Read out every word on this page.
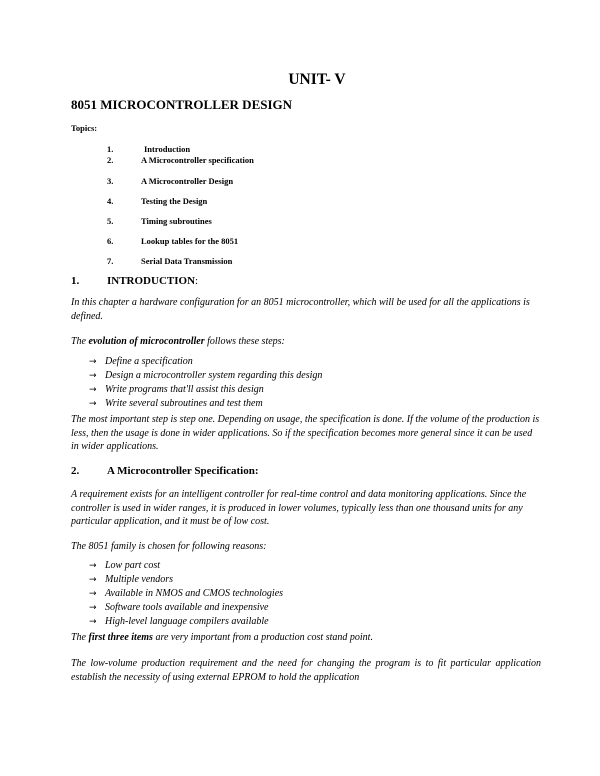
UNIT- V
8051 MICROCONTROLLER DESIGN
Topics:
1.	Introduction
2.	A Microcontroller specification
3.	A Microcontroller Design
4.	Testing the Design
5.	Timing subroutines
6.	Lookup tables for the 8051
7.	Serial Data Transmission
1.	INTRODUCTION:
In this chapter a hardware configuration for an 8051 microcontroller, which will be used for all the applications is defined.
The evolution of microcontroller follows these steps:
→ Define a specification
→ Design a microcontroller system regarding this design
→ Write programs that'll assist this design
→ Write several subroutines and test them
The most important step is step one. Depending on usage, the specification is done. If the volume of the production is less, then the usage is done in wider applications. So if the specification becomes more general since it can be used in wider applications.
2.	A Microcontroller Specification:
A requirement exists for an intelligent controller for real-time control and data monitoring applications. Since the controller is used in wider ranges, it is produced in lower volumes, typically less than one thousand units for any particular application, and it must be of low cost.
The 8051 family is chosen for following reasons:
→ Low part cost
→ Multiple vendors
→ Available in NMOS and CMOS technologies
→ Software tools available and inexpensive
→ High-level language compilers available
The first three items are very important from a production cost stand point.
The low-volume production requirement and the need for changing the program is to fit particular application establish the necessity of using external EPROM to hold the application
